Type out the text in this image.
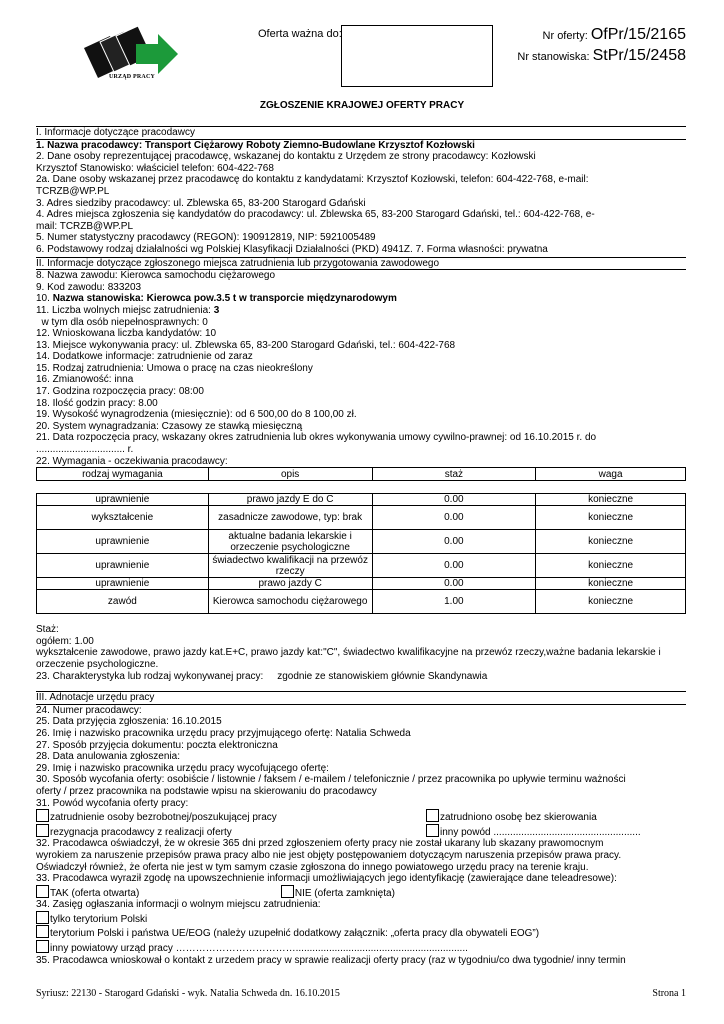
URZĄD PRACY
Oferta ważna do:	Nr oferty: OfPr/15/2165
Nr stanowiska: StPr/15/2458
ZGŁOSZENIE KRAJOWEJ OFERTY PRACY
I. Informacje dotyczące pracodawcy
1. Nazwa pracodawcy: Transport Ciężarowy Roboty Ziemno-Budowlane Krzysztof Kozłowski
2. Dane osoby reprezentującej pracodawcę, wskazanej do kontaktu z Urzędem ze strony pracodawcy: Kozłowski
Krzysztof Stanowisko: właściciel telefon: 604-422-768
2a. Dane osoby wskazanej przez pracodawcę do kontaktu z kandydatami: Krzysztof Kozłowski, telefon: 604-422-768, e-mail:
TCRZB@WP.PL
3. Adres siedziby pracodawcy: ul. Zblewska 65, 83-200 Starogard Gdański
4. Adres miejsca zgłoszenia się kandydatów do pracodawcy: ul. Zblewska 65, 83-200 Starogard Gdański, tel.: 604-422-768, e-
mail: TCRZB@WP.PL
5. Numer statystyczny pracodawcy (REGON): 190912819, NIP: 5921005489
6. Podstawowy rodzaj działalności wg Polskiej Klasyfikacji Działalności (PKD) 4941Z. 7. Forma własności: prywatna
II. Informacje dotyczące zgłoszonego miejsca zatrudnienia lub przygotowania zawodowego
8. Nazwa zawodu: Kierowca samochodu ciężarowego
9. Kod zawodu: 833203
10. Nazwa stanowiska: Kierowca pow.3.5 t w transporcie międzynarodowym
11. Liczba wolnych miejsc zatrudnienia: 3
w tym dla osób niepełnosprawnych: 0
12. Wnioskowana liczba kandydatów: 10
13. Miejsce wykonywania pracy: ul. Zblewska 65, 83-200 Starogard Gdański, tel.: 604-422-768
14. Dodatkowe informacje: zatrudnienie od zaraz
15. Rodzaj zatrudnienia: Umowa o pracę na czas nieokreślony
16. Zmianowość: inna
17. Godzina rozpoczęcia pracy: 08:00
18. Ilość godzin pracy: 8.00
19. Wysokość wynagrodzenia (miesięcznie): od 6 500,00 do 8 100,00 zł.
20. System wynagradzania: Czasowy ze stawką miesięczną
21. Data rozpoczęcia pracy, wskazany okres zatrudnienia lub okres wykonywania umowy cywilno-prawnej: od 16.10.2015 r. do
................................ r.
22. Wymagania - oczekiwania pracodawcy:
rodzaj wymagania	opis	staż	waga

uprawnienie	prawo jazdy E do C	0.00	konieczne
wykształcenie	zasadnicze zawodowe, typ: brak	0.00	konieczne
uprawnienie	aktualne badania lekarskie i orzeczenie psychologiczne	0.00	konieczne
uprawnienie	świadectwo kwalifikacji na przewóz rzeczy	0.00	konieczne
uprawnienie	prawo jazdy C	0.00	konieczne
zawód	Kierowca samochodu ciężarowego	1.00	konieczne
Staż:
ogółem: 1.00
wykształcenie zawodowe, prawo jazdy kat.E+C, prawo jazdy kat:"C", świadectwo kwalifikacyjne na przewóz rzeczy,ważne badania lekarskie i orzeczenie psychologiczne.
23. Charakterystyka lub rodzaj wykonywanej pracy:     zgodnie ze stanowiskiem głównie Skandynawia
III. Adnotacje urzędu pracy
24. Numer pracodawcy:
25. Data przyjęcia zgłoszenia: 16.10.2015
26. Imię i nazwisko pracownika urzędu pracy przyjmującego ofertę: Natalia Schweda
27. Sposób przyjęcia dokumentu: poczta elektroniczna
28. Data anulowania zgłoszenia:
29. Imię i nazwisko pracownika urzędu pracy wycofującego ofertę:
30. Sposób wycofania oferty: osobiście / listownie / faksem / e-mailem / telefonicznie / przez pracownika po upływie terminu ważności
oferty / przez pracownika na podstawie wpisu na skierowaniu do pracodawcy
31. Powód wycofania oferty pracy:
zatrudnienie osoby bezrobotnej/poszukującej pracy	zatrudniono osobę bez skierowania
rezygnacja pracodawcy z realizacji oferty	inny powód .....................................................
32. Pracodawca oświadczył, że w okresie 365 dni przed zgłoszeniem oferty pracy nie został ukarany lub skazany prawomocnym
wyrokiem za naruszenie przepisów prawa pracy albo nie jest objęty postępowaniem dotyczącym naruszenia przepisów prawa pracy.
Oświadczył również, że oferta nie jest w tym samym czasie zgłoszona do innego powiatowego urzędu pracy na terenie kraju.
33. Pracodawca wyraził zgodę na upowszechnienie informacji umożliwiających jego identyfikację (zawierające dane teleadresowe):
TAK (oferta otwarta)	NIE (oferta zamknięta)
34. Zasięg ogłaszania informacji o wolnym miejscu zatrudnienia:
tylko terytorium Polski
terytorium Polski i państwa UE/EOG (należy uzupełnić dodatkowy załącznik: „oferta pracy dla obywateli EOG”)
inny powiatowy urząd pracy ………………………………..............................................................
35. Pracodawca wnioskował o kontakt z urzedem pracy w sprawie realizacji oferty pracy (raz w tygodniu/co dwa tygodnie/ inny termin
Syriusz: 22130 - Starogard Gdański - wyk. Natalia Schweda dn. 16.10.2015	Strona 1
